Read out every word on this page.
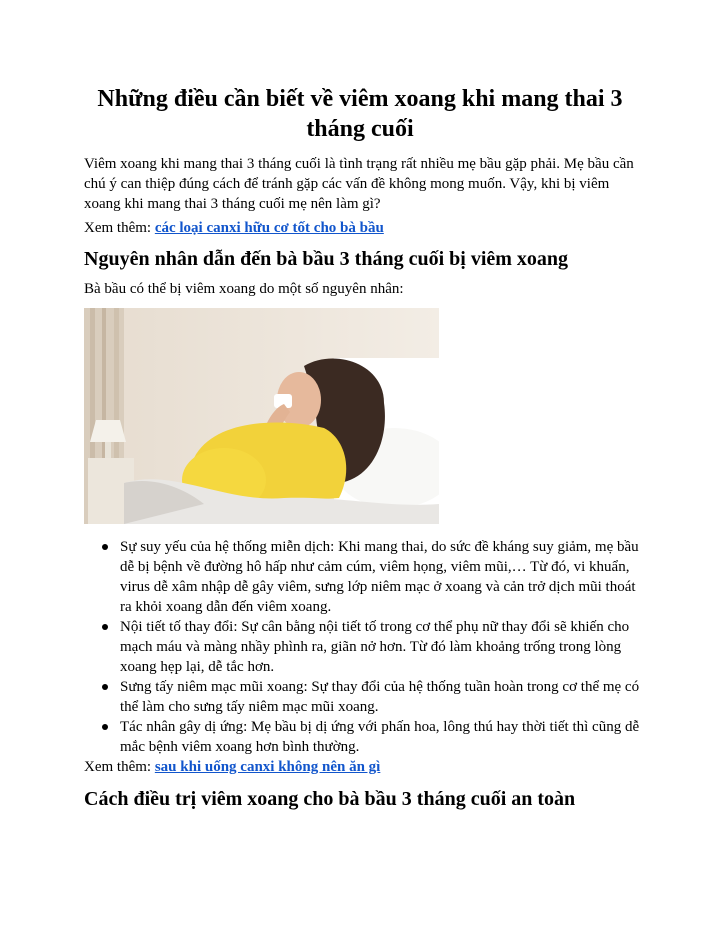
Những điều cần biết về viêm xoang khi mang thai 3 tháng cuối

Viêm xoang khi mang thai 3 tháng cuối là tình trạng rất nhiều mẹ bầu gặp phải. Mẹ bầu cần chú ý can thiệp đúng cách để tránh gặp các vấn đề không mong muốn. Vậy, khi bị viêm xoang khi mang thai 3 tháng cuối mẹ nên làm gì?

Xem thêm: các loại canxi hữu cơ tốt cho bà bầu

Nguyên nhân dẫn đến bà bầu 3 tháng cuối bị viêm xoang

Bà bầu có thể bị viêm xoang do một số nguyên nhân:

Sự suy yếu của hệ thống miễn dịch: Khi mang thai, do sức đề kháng suy giảm, mẹ bầu dễ bị bệnh về đường hô hấp như cảm cúm, viêm họng, viêm mũi,… Từ đó, vi khuẩn, virus dễ xâm nhập dễ gây viêm, sưng lớp niêm mạc ở xoang và cản trở dịch mũi thoát ra khỏi xoang dẫn đến viêm xoang.
Nội tiết tố thay đổi: Sự cân bằng nội tiết tố trong cơ thể phụ nữ thay đổi sẽ khiến cho mạch máu và màng nhầy phình ra, giãn nở hơn. Từ đó làm khoảng trống trong lòng xoang hẹp lại, dễ tắc hơn.
Sưng tấy niêm mạc mũi xoang: Sự thay đổi của hệ thống tuần hoàn trong cơ thể mẹ có thể làm cho sưng tấy niêm mạc mũi xoang.
Tác nhân gây dị ứng: Mẹ bầu bị dị ứng với phấn hoa, lông thú hay thời tiết thì cũng dễ mắc bệnh viêm xoang hơn bình thường.

Xem thêm: sau khi uống canxi không nên ăn gì

Cách điều trị viêm xoang cho bà bầu 3 tháng cuối an toàn
